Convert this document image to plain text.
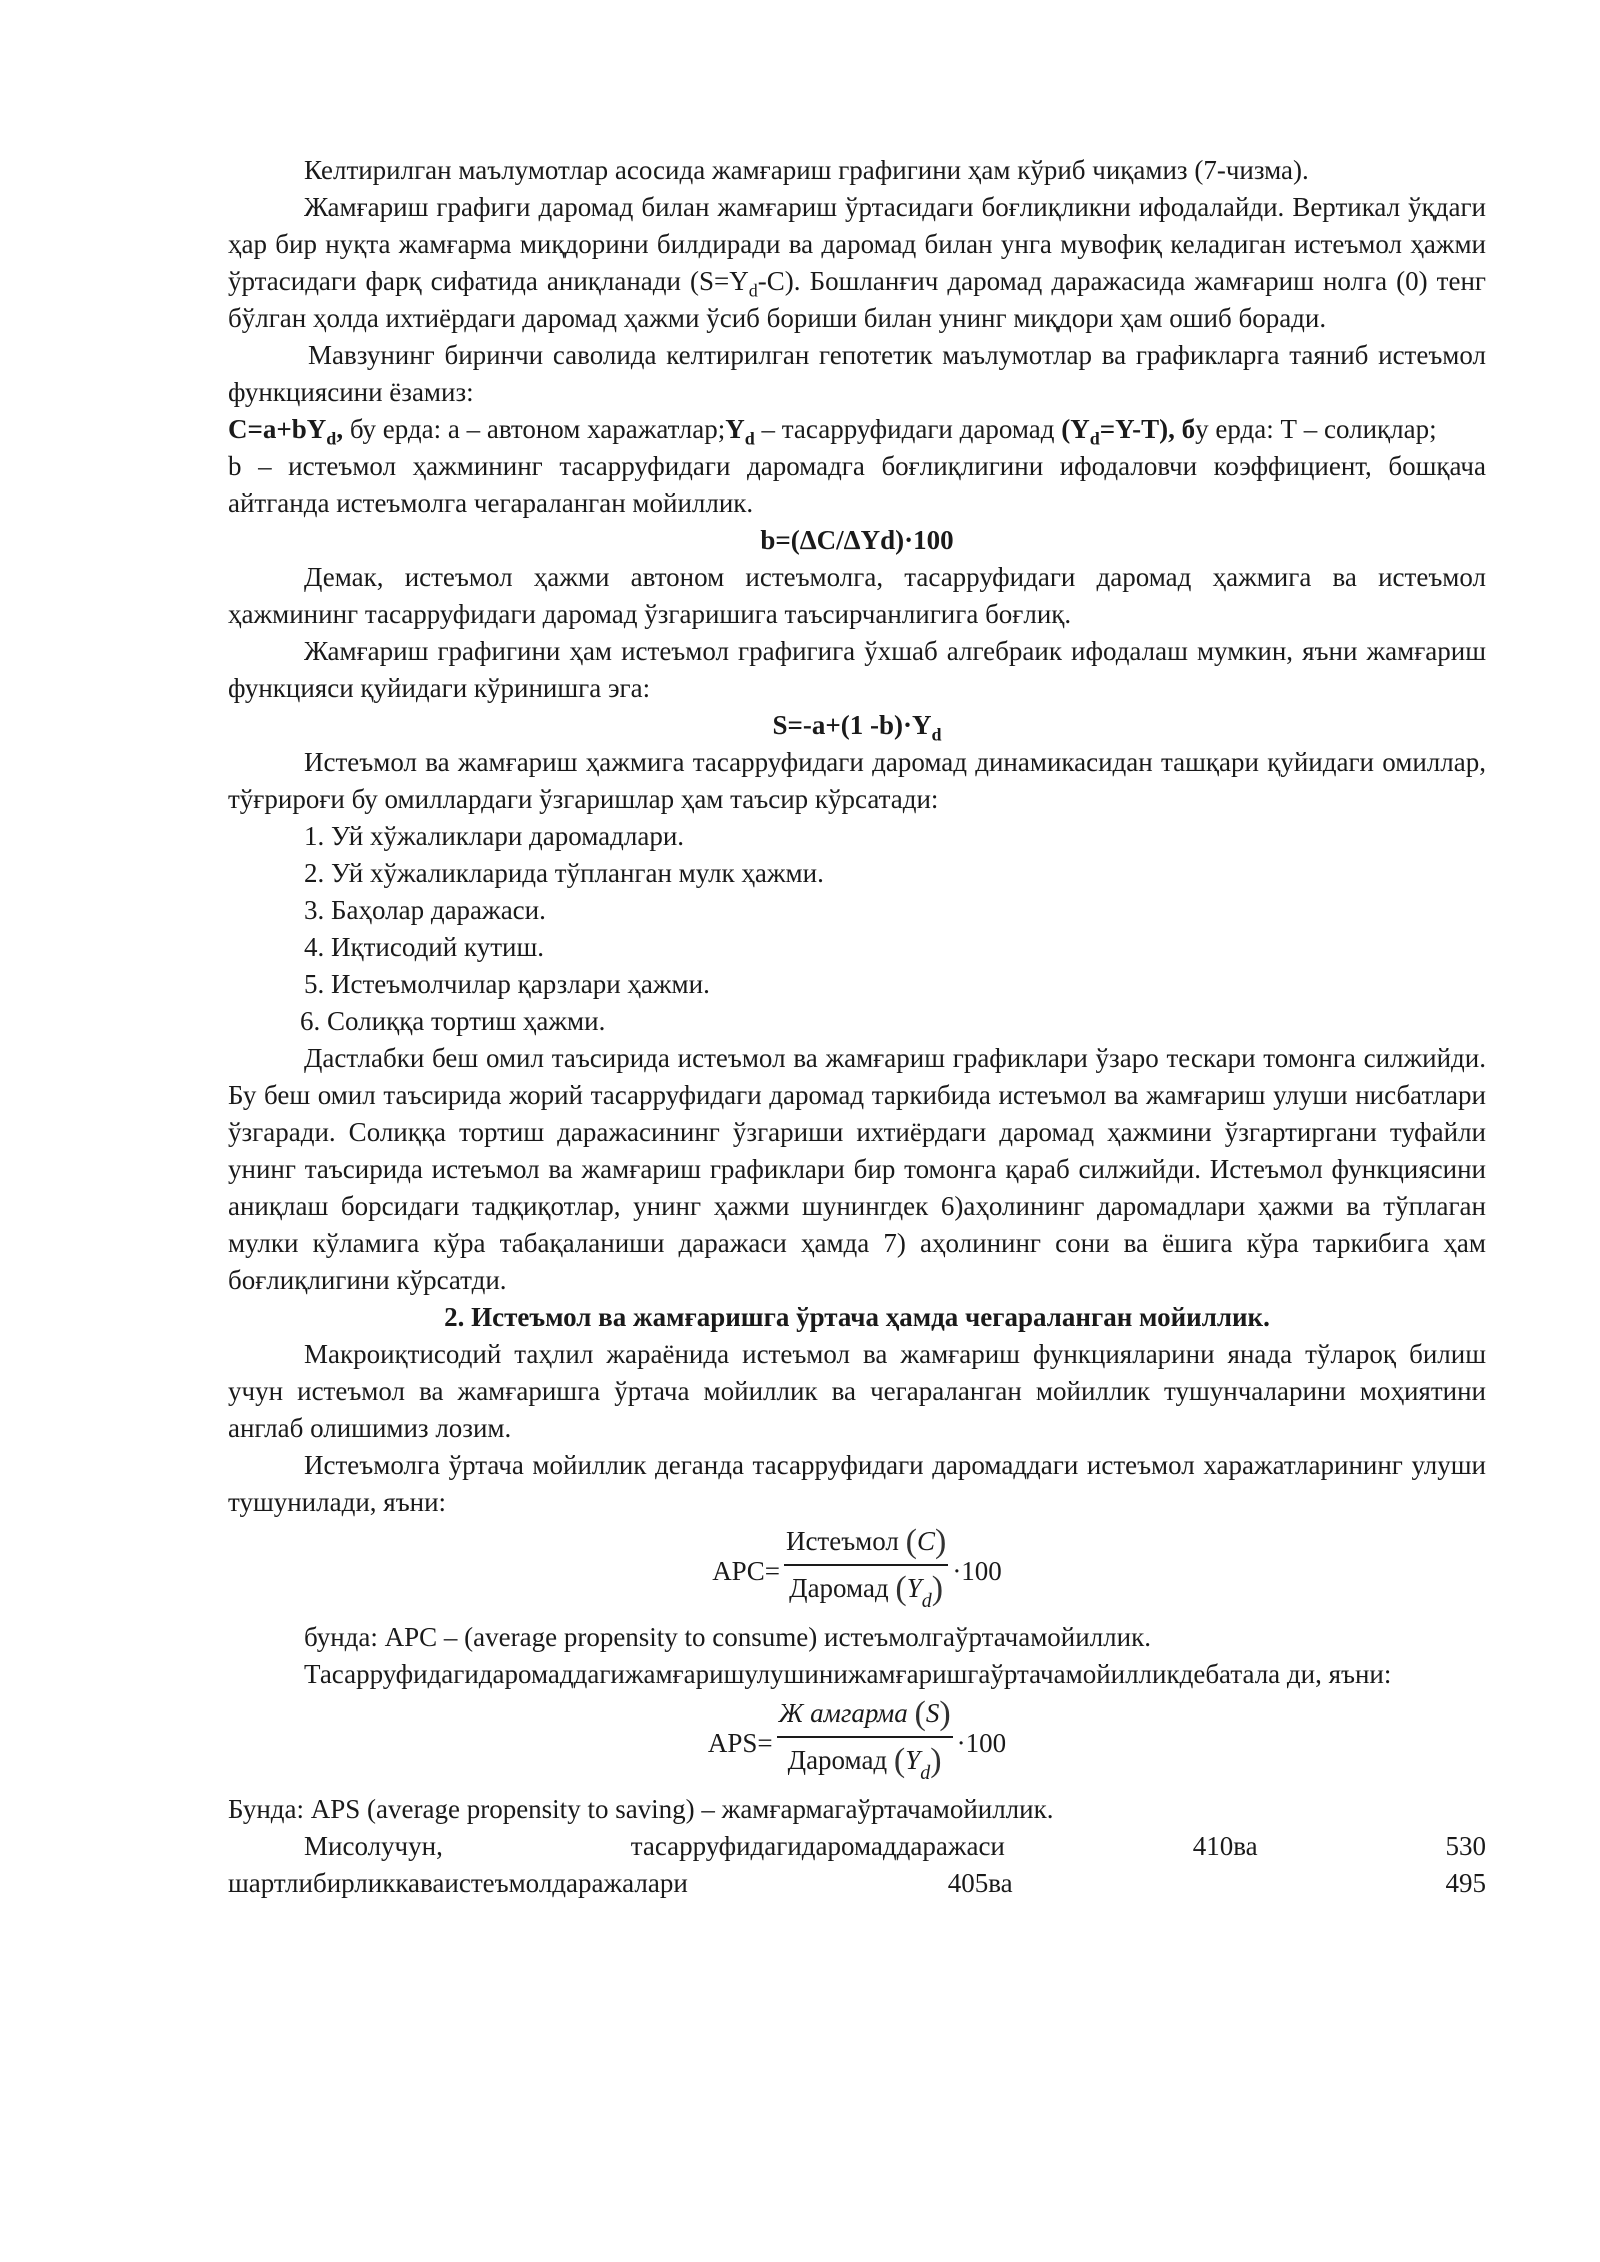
Келтирилган маълумотлар асосида жамғариш графигини ҳам кўриб чиқамиз (7-чизма).

Жамғариш графиги даромад билан жамғариш ўртасидаги боғлиқликни ифодалайди. Вертикал ўқдаги ҳар бир нуқта жамғарма миқдорини билдиради ва даромад билан унга мувофиқ келадиган истеъмол ҳажми ўртасидаги фарқ сифатида аниқланади $(S=Y_d-C)$. Бошланғич даромад даражасида жамғариш нолга (0) тенг бўлган ҳолда ихтиёрдаги даромад ҳажми ўсиб бориши билан унинг миқдори ҳам ошиб боради.

Мавзунинг биринчи саволида келтирилган гепотетик маълумотлар ва графикларга таяниб истеъмол функциясини ёзамиз:

$C=a+bY_d$, бу ерда: a – автоном $харажатлар;Y_d$ – тасарруфидаги даромад $(Y_d=Y-T)$, бу ерда: Т – солиқлар;

b – истеъмол ҳажмининг тасарруфидаги даромадга боғлиқлигини ифодаловчи коэффициент, бошқача айтганда истеъмолга чегараланган мойиллик.

b=(ΔC/ΔYd)·100

Демак, истеъмол ҳажми автоном истеъмолга, тасарруфидаги даромад ҳажмига ва истеъмол ҳажмининг тасарруфидаги даромад ўзгаришига таъсирчанлигига боғлиқ.

Жамғариш графигини ҳам истеъмол графигига ўхшаб алгебраик ифодалаш мумкин, яъни жамғариш функцияси қуйидаги кўринишга эга:

S=-a+(1 $-b)\cdot Y_d$

Истеъмол ва жамғариш ҳажмига тасарруфидаги даромад динамикасидан ташқари қуйидаги омиллар, тўғрироғи бу омиллардаги ўзгаришлар ҳам таъсир кўрсатади:

1. Уй хўжаликлари даромадлари.
2. Уй хўжаликларида тўпланган мулк ҳажми.
3. Баҳолар даражаси.
4. Иқтисодий кутиш.
5. Истеъмолчилар қарзлари ҳажми.
6. Солиққа тортиш ҳажми.

Дастлабки беш омил таъсирида истеъмол ва жамғариш графиклари ўзаро тескари томонга силжийди. Бу беш омил таъсирида жорий тасарруфидаги даромад таркибида истеъмол ва жамғариш улуши нисбатлари ўзгаради. Солиққа тортиш даражасининг ўзгариши ихтиёрдаги даромад ҳажмини ўзгартиргани туфайли унинг таъсирида истеъмол ва жамғариш графиклари бир томонга қараб силжийди. Истеъмол функциясини аниқлаш борсидаги тадқиқотлар, унинг ҳажми шунингдек 6)аҳолининг даромадлари ҳажми ва тўплаган мулки кўламига кўра табақаланиши даражаси ҳамда 7) аҳолининг сони ва ёшига кўра таркибига ҳам боғлиқлигини кўрсатди.

2. Истеъмол ва жамғаришга ўртача ҳамда чегараланган мойиллик.

Макроиқтисодий таҳлил жараёнида истеъмол ва жамғариш функцияларини янада тўлароқ билиш учун истеъмол ва жамғаришга ўртача мойиллик ва чегараланган мойиллик тушунчаларини моҳиятини англаб олишимиз лозим.

Истеъмолга ўртача мойиллик деганда тасарруфидаги даромаддаги истеъмол харажатларининг улуши тушунилади, яъни:

$APC= \frac{\text{Истеъмол (C)}}{Даромад (Y_d)} \cdot 100$

бунда: APC – (average propensity to consume) истеъмолгаўртачамойиллик.

Тасарруфидагидаромаддагижамғаришулушинижамғаришгаўртачамойилликдебатала ди, яъни:

$APS= \frac{\text{Ж амгарма (S)}}{Даромад (Y_d)} \cdot 100$

Бунда: APS (average propensity to saving) – жамғармагаўртачамойиллик.

Мисолучун,	тасарруфидагидаромаддаражаси	410ва	530
шартлибирликкаваистеъмолдаражалари	405ва	495
